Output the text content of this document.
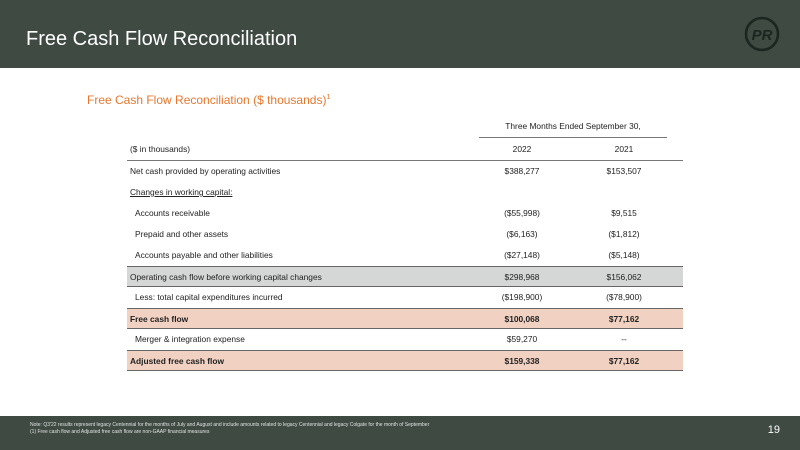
Free Cash Flow Reconciliation	PR
Free Cash Flow Reconciliation ($ thousands)$^1$
Three Months Ended September 30,
($ in thousands)	2022	2021
Net cash provided by operating activities	$388,277	$153,507
Changes in working capital:
Accounts receivable	($55,998)	$9,515
Prepaid and other assets	($6,163)	($1,812)
Accounts payable and other liabilities	($27,148)	($5,148)
Operating cash flow before working capital changes	$298,968	$156,062
Less: total capital expenditures incurred	($198,900)	($78,900)
Free cash flow	$100,068	$77,162
Merger & integration expense	$59,270	--
Adjusted free cash flow	$159,338	$77,162
Note: Q3'22 results represent legacy Centennial for the months of July and August and include amounts related to legacy Centennial and legacy Colgate for the month of September
(1) Free cash flow and Adjusted free cash flow are non-GAAP financial measures	19
